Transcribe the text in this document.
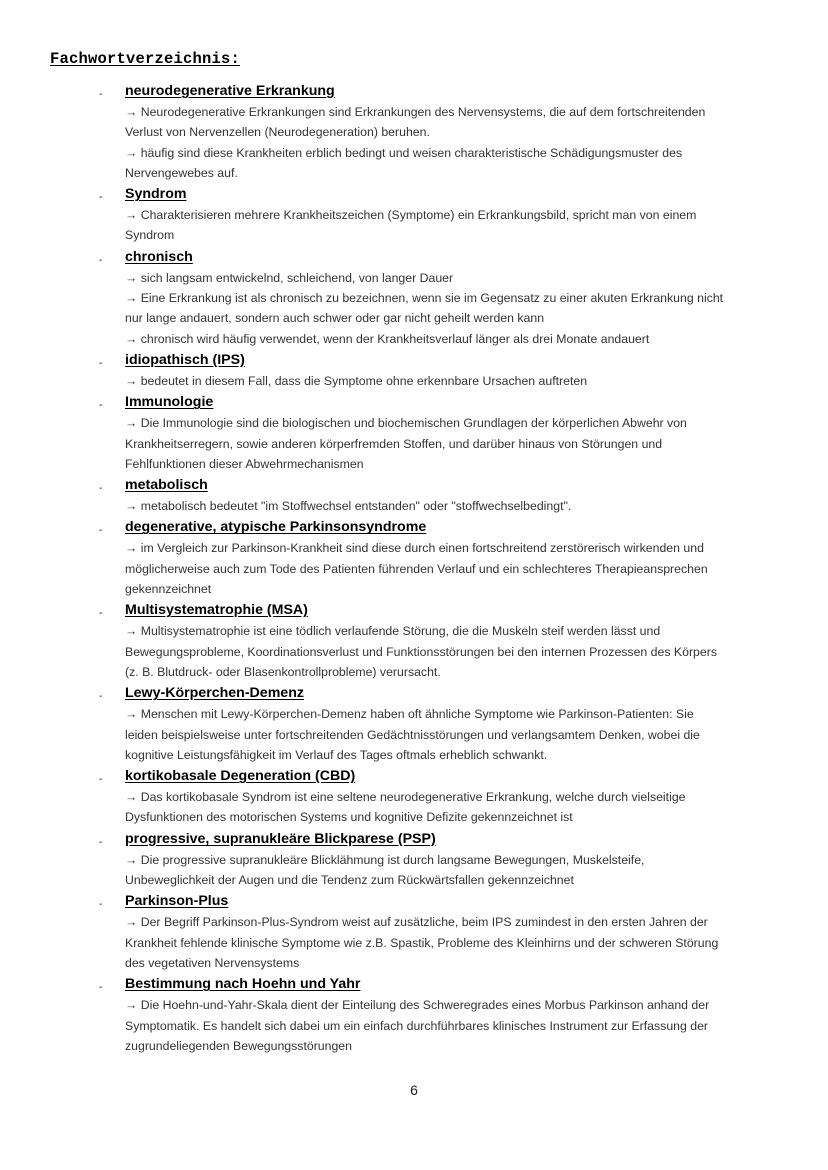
Fachwortverzeichnis:
- neurodegenerative Erkrankung
→ Neurodegenerative Erkrankungen sind Erkrankungen des Nervensystems, die auf dem fortschreitenden
Verlust von Nervenzellen (Neurodegeneration) beruhen.
→ häufig sind diese Krankheiten erblich bedingt und weisen charakteristische Schädigungsmuster des
Nervengewebes auf.
- Syndrom
→ Charakterisieren mehrere Krankheitszeichen (Symptome) ein Erkrankungsbild, spricht man von einem
Syndrom
- chronisch
→ sich langsam entwickelnd, schleichend, von langer Dauer
→ Eine Erkrankung ist als chronisch zu bezeichnen, wenn sie im Gegensatz zu einer akuten Erkrankung nicht
nur lange andauert, sondern auch schwer oder gar nicht geheilt werden kann
→ chronisch wird häufig verwendet, wenn der Krankheitsverlauf länger als drei Monate andauert
- idiopathisch (IPS)
→ bedeutet in diesem Fall, dass die Symptome ohne erkennbare Ursachen auftreten
- Immunologie
→ Die Immunologie sind die biologischen und biochemischen Grundlagen der körperlichen Abwehr von
Krankheitserregern, sowie anderen körperfremden Stoffen, und darüber hinaus von Störungen und
Fehlfunktionen dieser Abwehrmechanismen
- metabolisch
→ metabolisch bedeutet "im Stoffwechsel entstanden" oder "stoffwechselbedingt".
- degenerative, atypische Parkinsonsyndrome
→ im Vergleich zur Parkinson-Krankheit sind diese durch einen fortschreitend zerstörerisch wirkenden und
möglicherweise auch zum Tode des Patienten führenden Verlauf und ein schlechteres Therapieansprechen
gekennzeichnet
- Multisystematrophie (MSA)
→ Multisystematrophie ist eine tödlich verlaufende Störung, die die Muskeln steif werden lässt und
Bewegungsprobleme, Koordinationsverlust und Funktionsstörungen bei den internen Prozessen des Körpers
(z. B. Blutdruck- oder Blasenkontrollprobleme) verursacht.
- Lewy-Körperchen-Demenz
→ Menschen mit Lewy-Körperchen-Demenz haben oft ähnliche Symptome wie Parkinson-Patienten: Sie
leiden beispielsweise unter fortschreitenden Gedächtnisstörungen und verlangsamtem Denken, wobei die
kognitive Leistungsfähigkeit im Verlauf des Tages oftmals erheblich schwankt.
- kortikobasale Degeneration (CBD)
→ Das kortikobasale Syndrom ist eine seltene neurodegenerative Erkrankung, welche durch vielseitige
Dysfunktionen des motorischen Systems und kognitive Defizite gekennzeichnet ist
- progressive, supranukleäre Blickparese (PSP)
→ Die progressive supranukleäre Blicklähmung ist durch langsame Bewegungen, Muskelsteife,
Unbeweglichkeit der Augen und die Tendenz zum Rückwärtsfallen gekennzeichnet
- Parkinson-Plus
→ Der Begriff Parkinson-Plus-Syndrom weist auf zusätzliche, beim IPS zumindest in den ersten Jahren der
Krankheit fehlende klinische Symptome wie z.B. Spastik, Probleme des Kleinhirns und der schweren Störung
des vegetativen Nervensystems
- Bestimmung nach Hoehn und Yahr
→ Die Hoehn-und-Yahr-Skala dient der Einteilung des Schweregrades eines Morbus Parkinson anhand der
Symptomatik. Es handelt sich dabei um ein einfach durchführbares klinisches Instrument zur Erfassung der
zugrundeliegenden Bewegungsstörungen
6
